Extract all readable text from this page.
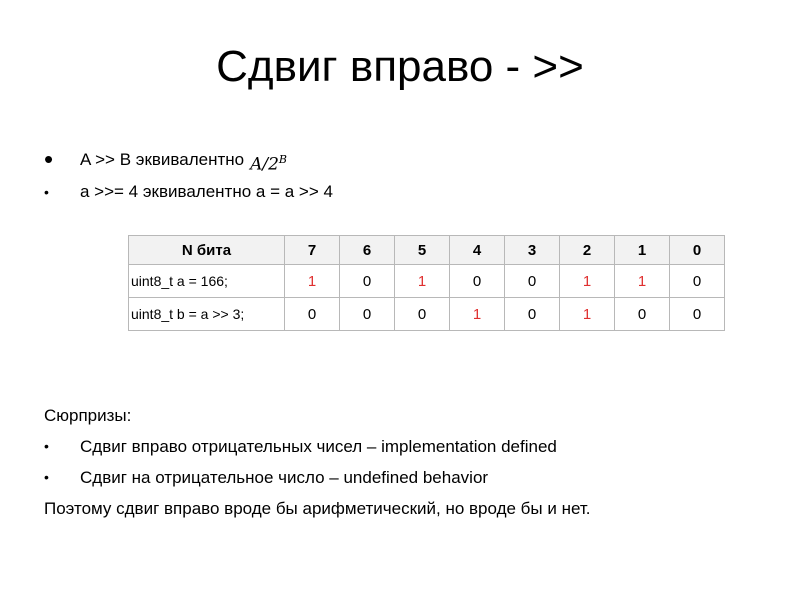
Сдвиг вправо - >>
•	A >> B эквивалентно $A/2^B$
•	a >>= 4 эквивалентно a = a >> 4
N бита	7	6	5	4	3	2	1	0
uint8_t a = 166;	1	0	1	0	0	1	1	0
uint8_t b = a >> 3;	0	0	0	1	0	1	0	0
Сюрпризы:
•	Сдвиг вправо отрицательных чисел – implementation defined
•	Сдвиг на отрицательное число – undefined behavior
Поэтому сдвиг вправо вроде бы арифметический, но вроде бы и нет.
